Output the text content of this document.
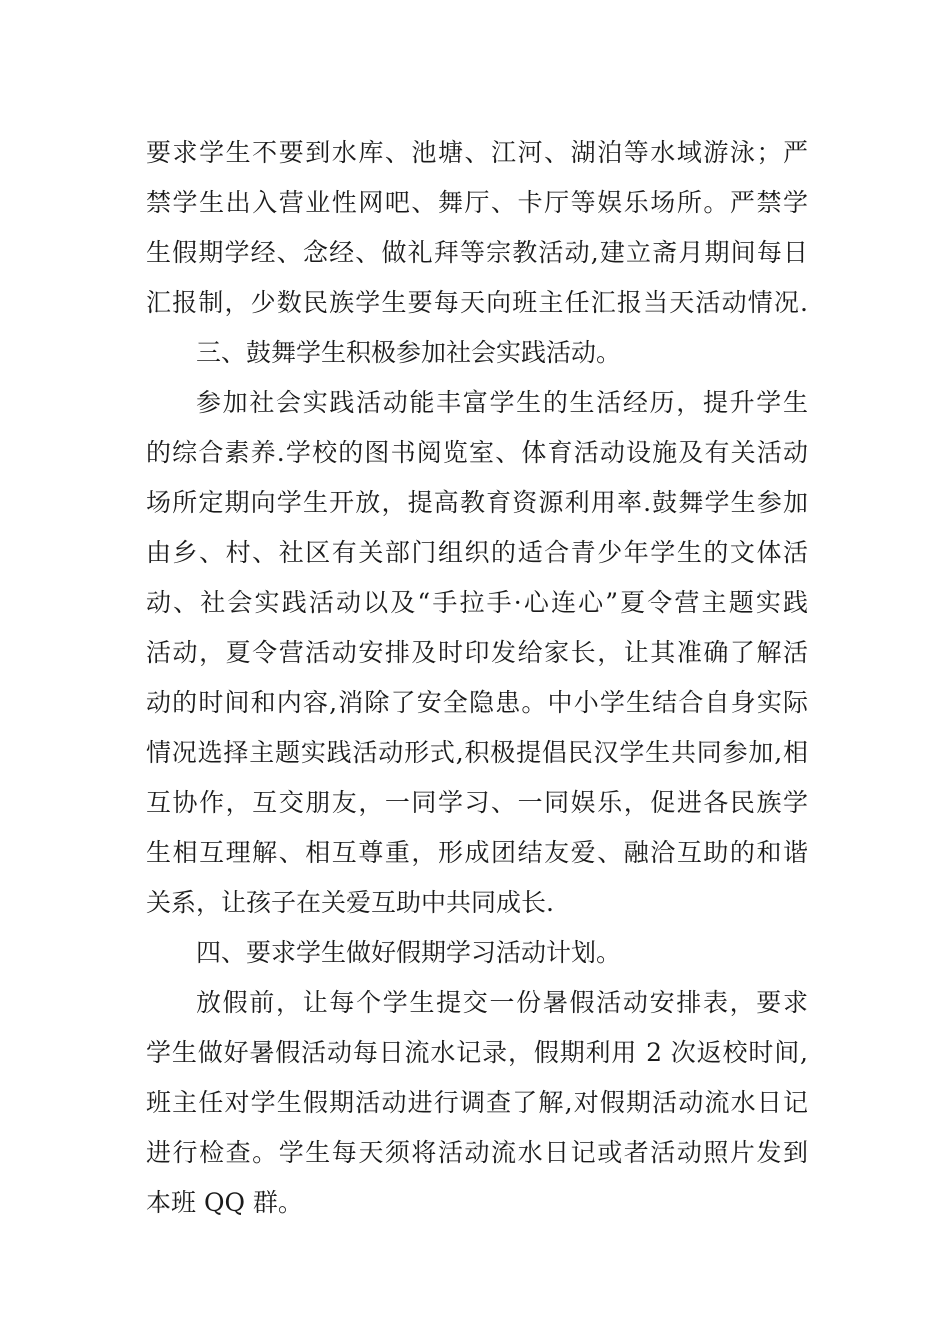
要求学生不要到水库、池塘、江河、湖泊等水域游泳；严
禁学生出入营业性网吧、舞厅、卡厅等娱乐场所。严禁学
生假期学经、念经、做礼拜等宗教活动,建立斋月期间每日
汇报制，少数民族学生要每天向班主任汇报当天活动情况.
三、鼓舞学生积极参加社会实践活动。
参加社会实践活动能丰富学生的生活经历，提升学生
的综合素养.学校的图书阅览室、体育活动设施及有关活动
场所定期向学生开放，提高教育资源利用率.鼓舞学生参加
由乡、村、社区有关部门组织的适合青少年学生的文体活
动、社会实践活动以及“手拉手·心连心”夏令营主题实践
活动，夏令营活动安排及时印发给家长，让其准确了解活
动的时间和内容,消除了安全隐患。中小学生结合自身实际
情况选择主题实践活动形式,积极提倡民汉学生共同参加,相
互协作，互交朋友，一同学习、一同娱乐，促进各民族学
生相互理解、相互尊重，形成团结友爱、融洽互助的和谐
关系，让孩子在关爱互助中共同成长.
四、要求学生做好假期学习活动计划。
放假前，让每个学生提交一份暑假活动安排表，要求
学生做好暑假活动每日流水记录，假期利用 2 次返校时间,
班主任对学生假期活动进行调查了解,对假期活动流水日记
进行检查。学生每天须将活动流水日记或者活动照片发到
本班 QQ 群。
